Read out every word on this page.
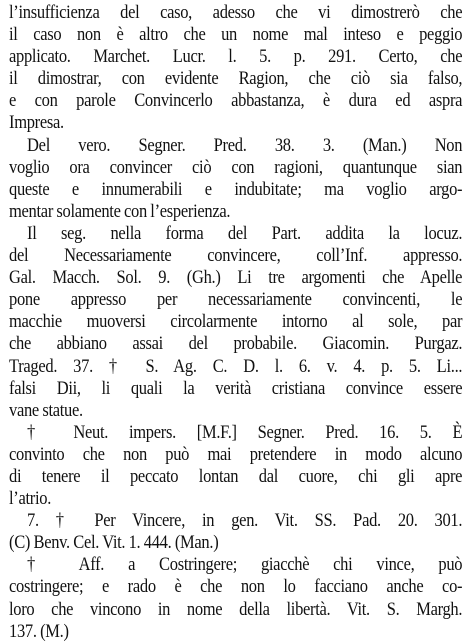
l’insufficienza del caso, adesso che vi dimostrerò che
il caso non è altro che un nome mal inteso e peggio
applicato. Marchet. Lucr. l. 5. p. 291. Certo, che
il dimostrar, con evidente Ragion, che ciò sia falso,
e con parole Convincerlo abbastanza, è dura ed aspra
Impresa.
Del vero. Segner. Pred. 38. 3. (Man.) Non
voglio ora convincer ciò con ragioni, quantunque sian
queste e innumerabili e indubitate; ma voglio argo-
mentar solamente con l’esperienza.
Il seg. nella forma del Part. addita la locuz.
del Necessariamente convincere, coll’Inf. appresso.
Gal. Macch. Sol. 9. (Gh.) Li tre argomenti che Apelle
pone appresso per necessariamente convincenti, le
macchie muoversi circolarmente intorno al sole, par
che abbiano assai del probabile. Giacomin. Purgaz.
Traged. 37. † S. Ag. C. D. l. 6. v. 4. p. 5. Li...
falsi Dii, li quali la verità cristiana convince essere
vane statue.
† Neut. impers. [M.F.] Segner. Pred. 16. 5. È
convinto che non può mai pretendere in modo alcuno
di tenere il peccato lontan dal cuore, chi gli apre
l’atrio.
7. † Per Vincere, in gen. Vit. SS. Pad. 20. 301.
(C) Benv. Cel. Vit. 1. 444. (Man.)
† Aff. a Costringere; giacchè chi vince, può
costringere; e rado è che non lo facciano anche co-
loro che vincono in nome della libertà. Vit. S. Margh.
137. (M.)
